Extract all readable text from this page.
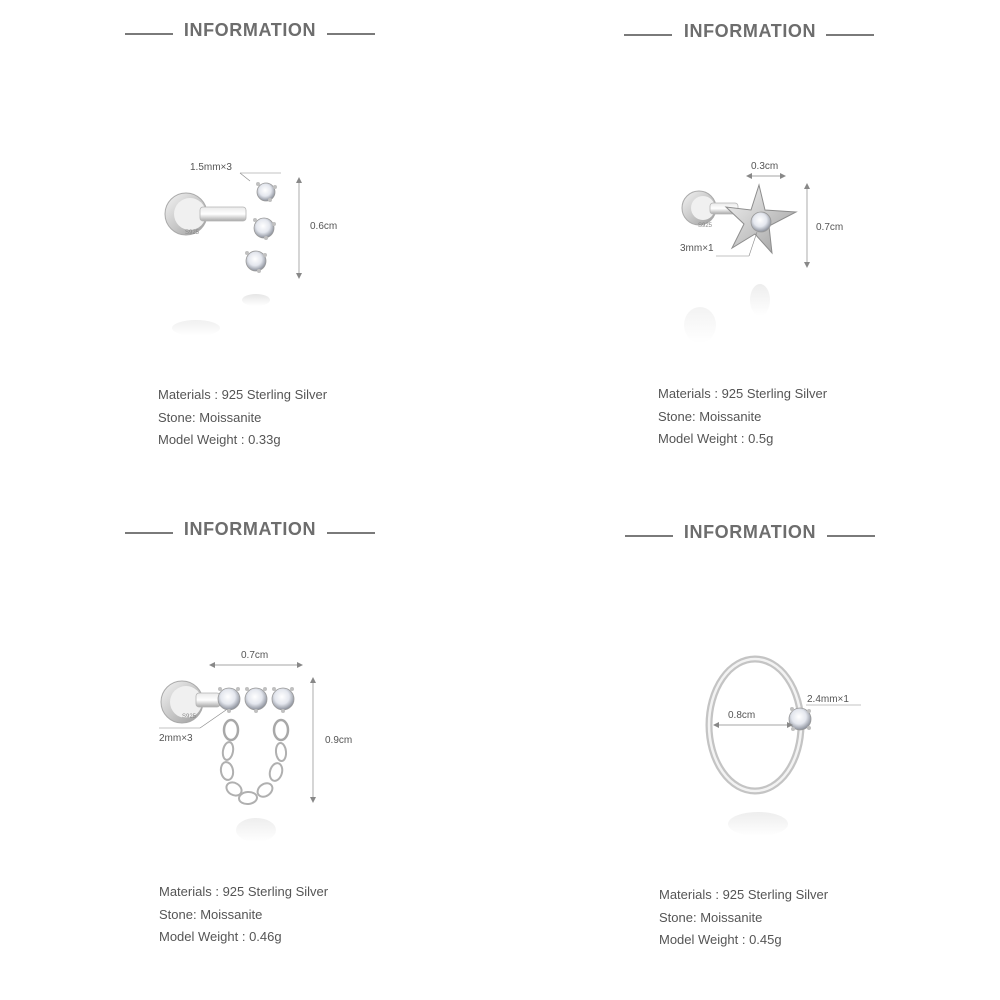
INFORMATION
S925
1.5mm×3
0.6cm
Materials : 925 Sterling Silver
Stone: Moissanite
Model Weight : 0.33g
INFORMATION
S925
0.3cm
3mm×1
0.7cm
Materials : 925 Sterling Silver
Stone: Moissanite
Model Weight : 0.5g
INFORMATION
S925
0.7cm
2mm×3	0.9cm
Materials : 925 Sterling Silver
Stone: Moissanite
Model Weight : 0.46g
INFORMATION
0.8cm
2.4mm×1
Materials : 925 Sterling Silver
Stone: Moissanite
Model Weight : 0.45g
